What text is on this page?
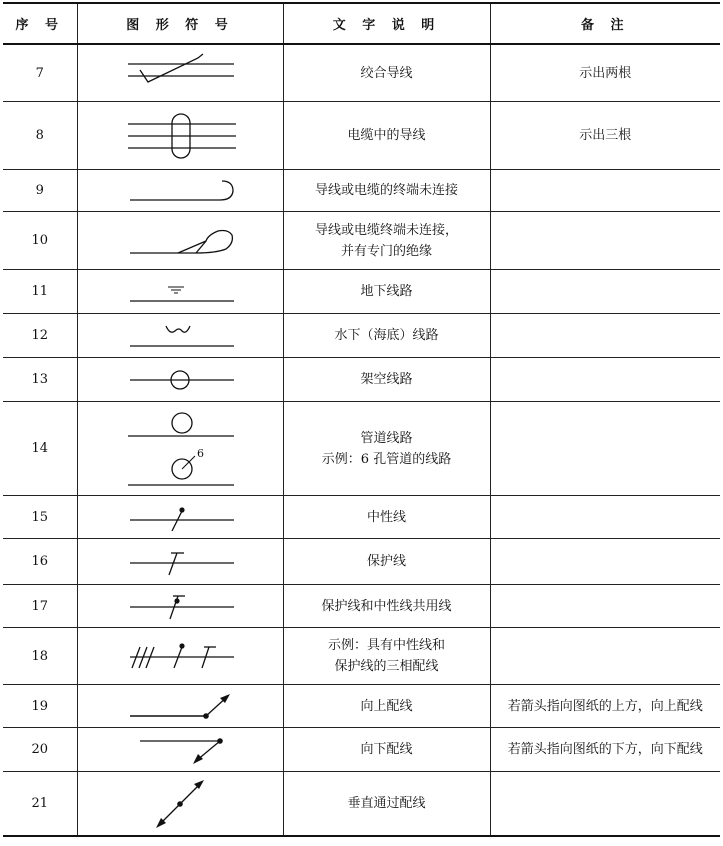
序 号	图 形 符 号	文 字 说 明	备 注
7		绞合导线	示出两根
8		电缆中的导线	示出三根
9		导线或电缆的终端未连接	

10		导线或电缆终端未连接，
并有专门的绝缘	

11		地下线路	

12		水下（海底）线路	

13		架空线路	

14	6	管道线路
示例：6 孔管道的线路	

15		中性线	

16		保护线	

17		保护线和中性线共用线	

18		示例：具有中性线和
保护线的三相配线	

19		向上配线	若箭头指向图纸的上方，向上配线
20		向下配线	若箭头指向图纸的下方，向下配线
21		垂直通过配线	
